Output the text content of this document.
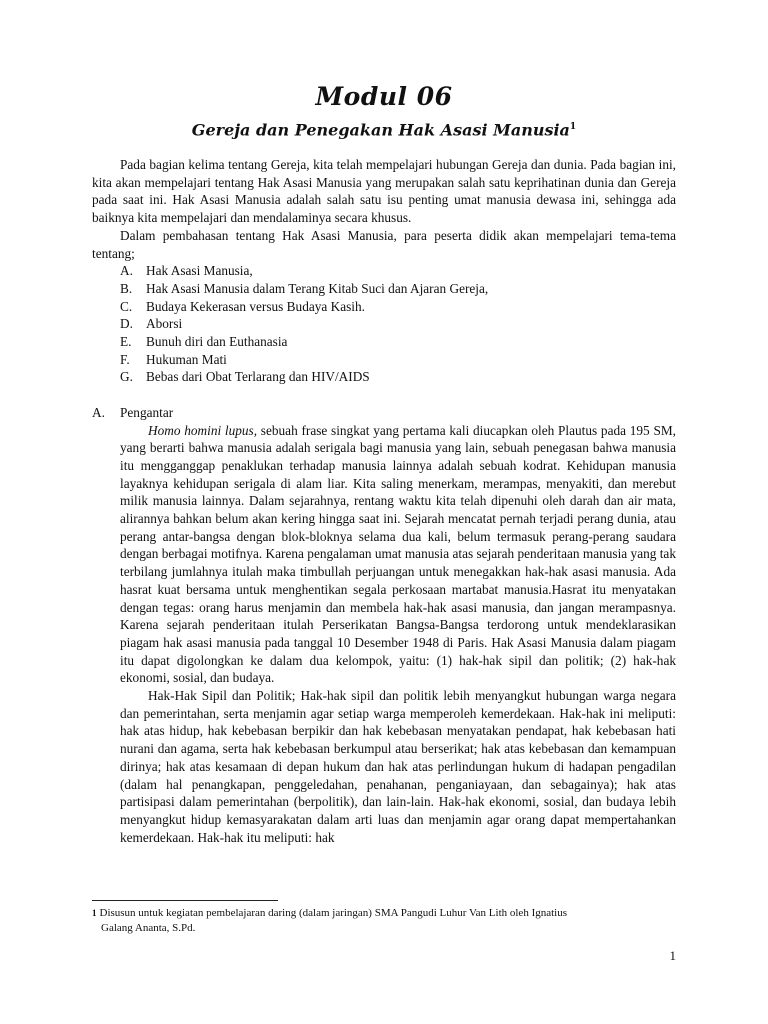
Modul 06
Gereja dan Penegakan Hak Asasi Manusia$^1$

Pada bagian kelima tentang Gereja, kita telah mempelajari hubungan Gereja dan dunia. Pada bagian ini, kita akan mempelajari tentang Hak Asasi Manusia yang merupakan salah satu keprihatinan dunia dan Gereja pada saat ini. Hak Asasi Manusia adalah salah satu isu penting umat manusia dewasa ini, sehingga ada baiknya kita mempelajari dan mendalaminya secara khusus.

Dalam pembahasan tentang Hak Asasi Manusia, para peserta didik akan mempelajari tema-tema tentang;

A. Hak Asasi Manusia,
B.	Hak Asasi Manusia dalam Terang Kitab Suci dan Ajaran Gereja,
C.	Budaya Kekerasan versus Budaya Kasih.
D. Aborsi
E.	Bunuh diri dan Euthanasia
F.	Hukuman Mati
G. Bebas dari Obat Terlarang dan HIV/AIDS
A.	Pengantar

Homo homini lupus, sebuah frase singkat yang pertama kali diucapkan oleh Plautus pada 195 SM, yang berarti bahwa manusia adalah serigala bagi manusia yang lain, sebuah penegasan bahwa manusia itu mengganggap penaklukan terhadap manusia lainnya adalah sebuah kodrat. Kehidupan manusia layaknya kehidupan serigala di alam liar. Kita saling menerkam, merampas, menyakiti, dan merebut milik manusia lainnya. Dalam sejarahnya, rentang waktu kita telah dipenuhi oleh darah dan air mata, alirannya bahkan belum akan kering hingga saat ini. Sejarah mencatat pernah terjadi perang dunia, atau perang antar-bangsa dengan blok-bloknya selama dua kali, belum termasuk perang-perang saudara dengan berbagai motifnya. Karena pengalaman umat manusia atas sejarah penderitaan manusia yang tak terbilang jumlahnya itulah maka timbullah perjuangan untuk menegakkan hak-hak asasi manusia. Ada hasrat kuat bersama untuk menghentikan segala perkosaan martabat manusia.Hasrat itu menyatakan dengan tegas: orang harus menjamin dan membela hak-hak asasi manusia, dan jangan merampasnya. Karena sejarah penderitaan itulah Perserikatan Bangsa-Bangsa terdorong untuk mendeklarasikan piagam hak asasi manusia pada tanggal 10 Desember 1948 di Paris. Hak Asasi Manusia dalam piagam itu dapat digolongkan ke dalam dua kelompok, yaitu: (1) hak-hak sipil dan politik; (2) hak-hak ekonomi, sosial, dan budaya.

Hak-Hak Sipil dan Politik; Hak-hak sipil dan politik lebih menyangkut hubungan warga negara dan pemerintahan, serta menjamin agar setiap warga memperoleh kemerdekaan. Hak-hak ini meliputi: hak atas hidup, hak kebebasan berpikir dan hak kebebasan menyatakan pendapat, hak kebebasan hati nurani dan agama, serta hak kebebasan berkumpul atau berserikat; hak atas kebebasan dan kemampuan dirinya; hak atas kesamaan di depan hukum dan hak atas perlindungan hukum di hadapan pengadilan (dalam hal penangkapan, penggeledahan, penahanan, penganiayaan, dan sebagainya); hak atas partisipasi dalam pemerintahan (berpolitik), dan lain-lain. Hak-hak ekonomi, sosial, dan budaya lebih menyangkut hidup kemasyarakatan dalam arti luas dan menjamin agar orang dapat mempertahankan kemerdekaan. Hak-hak itu meliputi: hak

$^1$ Disusun untuk kegiatan pembelajaran daring (dalam jaringan) SMA Pangudi Luhur Van Lith oleh Ignatius
Galang Ananta, S.Pd.
1
